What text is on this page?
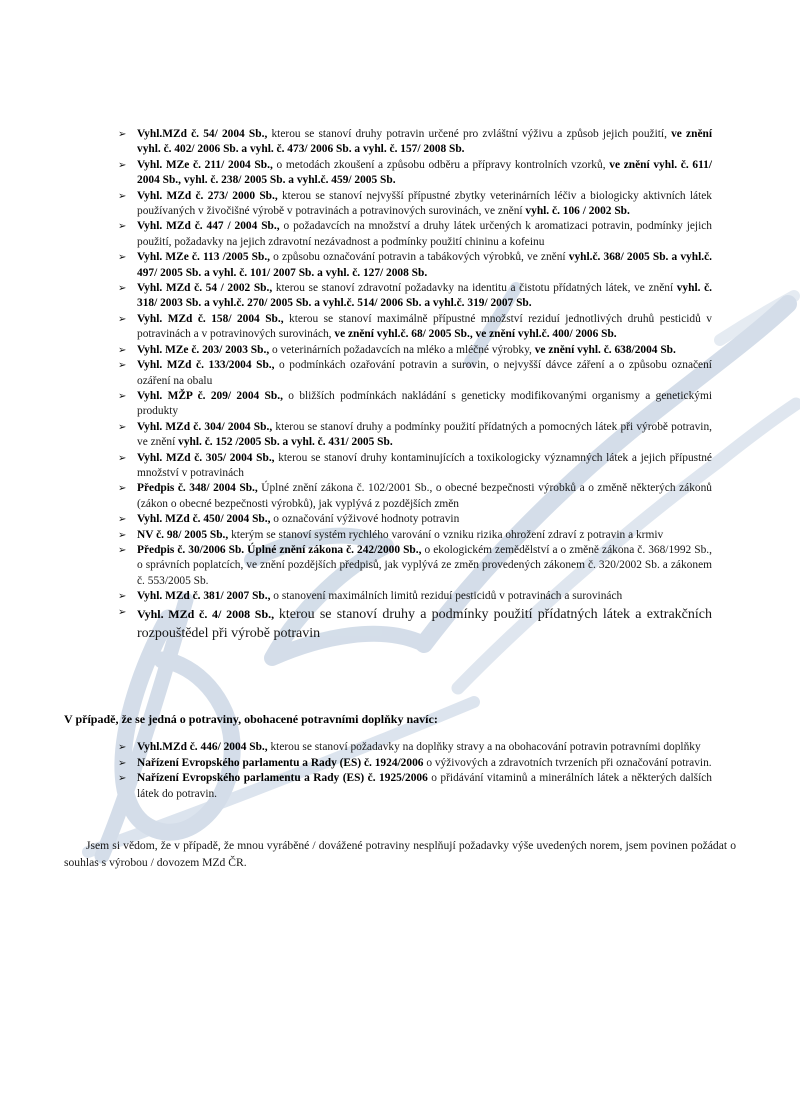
➢ Vyhl.MZd č. 54/ 2004 Sb., kterou se stanoví druhy potravin určené pro zvláštní výživu a způsob jejich použití, ve znění vyhl. č. 402/ 2006 Sb. a vyhl. č. 473/ 2006 Sb. a vyhl. č. 157/ 2008 Sb.
➢ Vyhl. MZe č. 211/ 2004 Sb., o metodách zkoušení a způsobu odběru a přípravy kontrolních vzorků, ve znění vyhl. č. 611/ 2004 Sb., vyhl. č. 238/ 2005 Sb. a vyhl.č. 459/ 2005 Sb.
➢ Vyhl. MZd č. 273/ 2000 Sb., kterou se stanoví nejvyšší přípustné zbytky veterinárních léčiv a biologicky aktivních látek používaných v živočišné výrobě v potravinách a potravinových surovinách, ve znění vyhl. č. 106 / 2002 Sb.
➢ Vyhl. MZd č. 447 / 2004 Sb., o požadavcích na množství a druhy látek určených k aromatizaci potravin, podmínky jejich použití, požadavky na jejich zdravotní nezávadnost a podmínky použití chininu a kofeinu
➢ Vyhl. MZe č. 113 /2005 Sb., o způsobu označování potravin a tabákových výrobků, ve znění vyhl.č. 368/ 2005 Sb. a vyhl.č. 497/ 2005 Sb. a vyhl. č. 101/ 2007 Sb. a vyhl. č. 127/ 2008 Sb.
➢ Vyhl. MZd č. 54 / 2002 Sb., kterou se stanoví zdravotní požadavky na identitu a čistotu přídatných látek, ve znění vyhl. č. 318/ 2003 Sb. a vyhl.č. 270/ 2005 Sb. a vyhl.č. 514/ 2006 Sb. a vyhl.č. 319/ 2007 Sb.
➢ Vyhl. MZd č. 158/ 2004 Sb., kterou se stanoví maximálně přípustné množství reziduí jednotlivých druhů pesticidů v potravinách a v potravinových surovinách, ve znění vyhl.č. 68/ 2005 Sb., ve znění vyhl.č. 400/ 2006 Sb.
➢ Vyhl. MZe č. 203/ 2003 Sb., o veterinárních požadavcích na mléko a mléčné výrobky, ve znění vyhl. č. 638/2004 Sb.
➢ Vyhl. MZd č. 133/2004 Sb., o podmínkách ozařování potravin a surovin, o nejvyšší dávce záření a o způsobu označení ozáření na obalu
➢ Vyhl. MŽP č. 209/ 2004 Sb., o bližších podmínkách nakládání s geneticky modifikovanými organismy a genetickými produkty
➢ Vyhl. MZd č. 304/ 2004 Sb., kterou se stanoví druhy a podmínky použití přídatných a pomocných látek při výrobě potravin, ve znění vyhl. č. 152 /2005 Sb. a vyhl. č. 431/ 2005 Sb.
➢ Vyhl. MZd č. 305/ 2004 Sb., kterou se stanoví druhy kontaminujících a toxikologicky významných látek a jejich přípustné množství v potravinách
➢ Předpis č. 348/ 2004 Sb., Úplné znění zákona č. 102/2001 Sb., o obecné bezpečnosti výrobků a o změně některých zákonů (zákon o obecné bezpečnosti výrobků), jak vyplývá z pozdějších změn
➢ Vyhl. MZd č. 450/ 2004 Sb., o označování výživové hodnoty potravin
➢ NV č. 98/ 2005 Sb., kterým se stanoví systém rychlého varování o vzniku rizika ohrožení zdraví z potravin a krmiv
➢ Předpis č. 30/2006 Sb. Úplné znění zákona č. 242/2000 Sb., o ekologickém zemědělství a o změně zákona č. 368/1992 Sb., o správních poplatcích, ve znění pozdějších předpisů, jak vyplývá ze změn provedených zákonem č. 320/2002 Sb. a zákonem č. 553/2005 Sb.
➢ Vyhl. MZd č. 381/ 2007 Sb., o stanovení maximálních limitů reziduí pesticidů v potravinách a surovinách
➢ Vyhl. MZd č. 4/ 2008 Sb., kterou se stanoví druhy a podmínky použití přídatných látek a extrakčních rozpouštědel při výrobě potravin
V případě, že se jedná o potraviny, obohacené potravními doplňky navíc:
➢ Vyhl.MZd č. 446/ 2004 Sb., kterou se stanoví požadavky na doplňky stravy a na obohacování potravin potravními doplňky
➢ Nařízení Evropského parlamentu a Rady (ES) č. 1924/2006 o výživových a zdravotních tvrzeních při označování potravin.
➢ Nařízení Evropského parlamentu a Rady (ES) č. 1925/2006 o přidávání vitaminů a minerálních látek a některých dalších látek do potravin.

Jsem si vědom, že v případě, že mnou vyráběné / dovážené potraviny nesplňují požadavky výše uvedených norem, jsem povinen požádat o souhlas s výrobou / dovozem MZd ČR.
